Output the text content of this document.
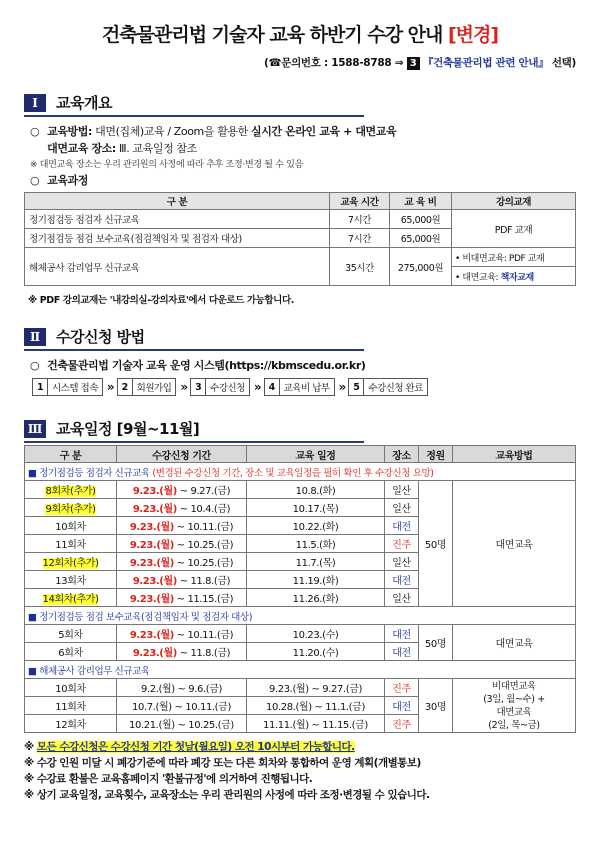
건축물관리법 기술자 교육 하반기 수강 안내 [변경]
(☎문의번호 : 1588-8788 ⇒ 3 『건축물관리법 관련 안내』 선택)
Ⅰ	교육개요
○ 교육방법: 대면(집체)교육 / Zoom을 활용한 실시간 온라인 교육 + 대면교육
대면교육 장소: Ⅲ. 교육일정 참조
※ 대면교육 장소는 우리 관리원의 사정에 따라 추후 조정·변경 될 수 있음
○ 교육과정
구 분	교육 시간	교 육 비	강의교재
정기점검등 점검자 신규교육	7시간	65,000원	PDF 교재
정기점검등 점검 보수교육(점검책임자 및 점검자 대상)	7시간	65,000원	
해체공사 감리업무 신규교육	35시간	275,000원	• 비대면교육: PDF 교재
			• 대면교육: 책자교재
※ PDF 강의교재는 '내강의실-강의자료'에서 다운로드 가능합니다.
Ⅱ	수강신청 방법
○ 건축물관리법 기술자 교육 운영 시스템(https://kbmscedu.or.kr)
1 시스템 접속 » 2 회원가입 » 3 수강신청 » 4 교육비 납부 » 5 수강신청 완료
Ⅲ 교육일정 [9월~11월]
구 분	수강신청 기간	교육 일정	장소	정원	교육방법
■ 정기점검등 점검자 신규교육 (변경된 수강신청 기간, 장소 및 교육일정을 필히 확인 후 수강신청 요망)					
8회차(추가)	9.23.(월) ~ 9.27.(금)	10.8.(화)	일산	50명	대면교육
9회차(추가)	9.23.(월) ~ 10.4.(금)	10.17.(목)	일산		
10회차	9.23.(월) ~ 10.11.(금)	10.22.(화)	대전		
11회차	9.23.(월) ~ 10.25.(금)	11.5.(화)	진주		
12회차(추가)	9.23.(월) ~ 10.25.(금)	11.7.(목)	일산		
13회차	9.23.(월) ~ 11.8.(금)	11.19.(화)	대전		
14회차(추가)	9.23.(월) ~ 11.15.(금)	11.26.(화)	일산		
■ 정기점검등 점검 보수교육(점검책임자 및 점검자 대상)					
5회차	9.23.(월) ~ 10.11.(금)	10.23.(수)	대전	50명	대면교육
6회차	9.23.(월) ~ 11.8.(금)	11.20.(수)	대전		
■ 해체공사 감리업무 신규교육					
10회차	9.2.(월) ~ 9.6.(금)	9.23.(월) ~ 9.27.(금)	진주	30명	비대면교육
(3일, 월~수) +
대면교육
(2일, 목~금)

11회차	10.7.(월) ~ 10.11.(금)	10.28.(월) ~ 11.1.(금)	대전		
12회차	10.21.(월) ~ 10.25.(금)	11.11.(월) ~ 11.15.(금)	진주		
※ 모든 수강신청은 수강신청 기간 첫날(월요일) 오전 10시부터 가능합니다.
※ 수강 인원 미달 시 폐강기준에 따라 폐강 또는 다른 회차와 통합하여 운영 계획(개별통보)
※ 수강료 환불은 교육홈페이지 '환불규정'에 의거하여 진행됩니다.
※ 상기 교육일정, 교육횟수, 교육장소는 우리 관리원의 사정에 따라 조정·변경될 수 있습니다.
